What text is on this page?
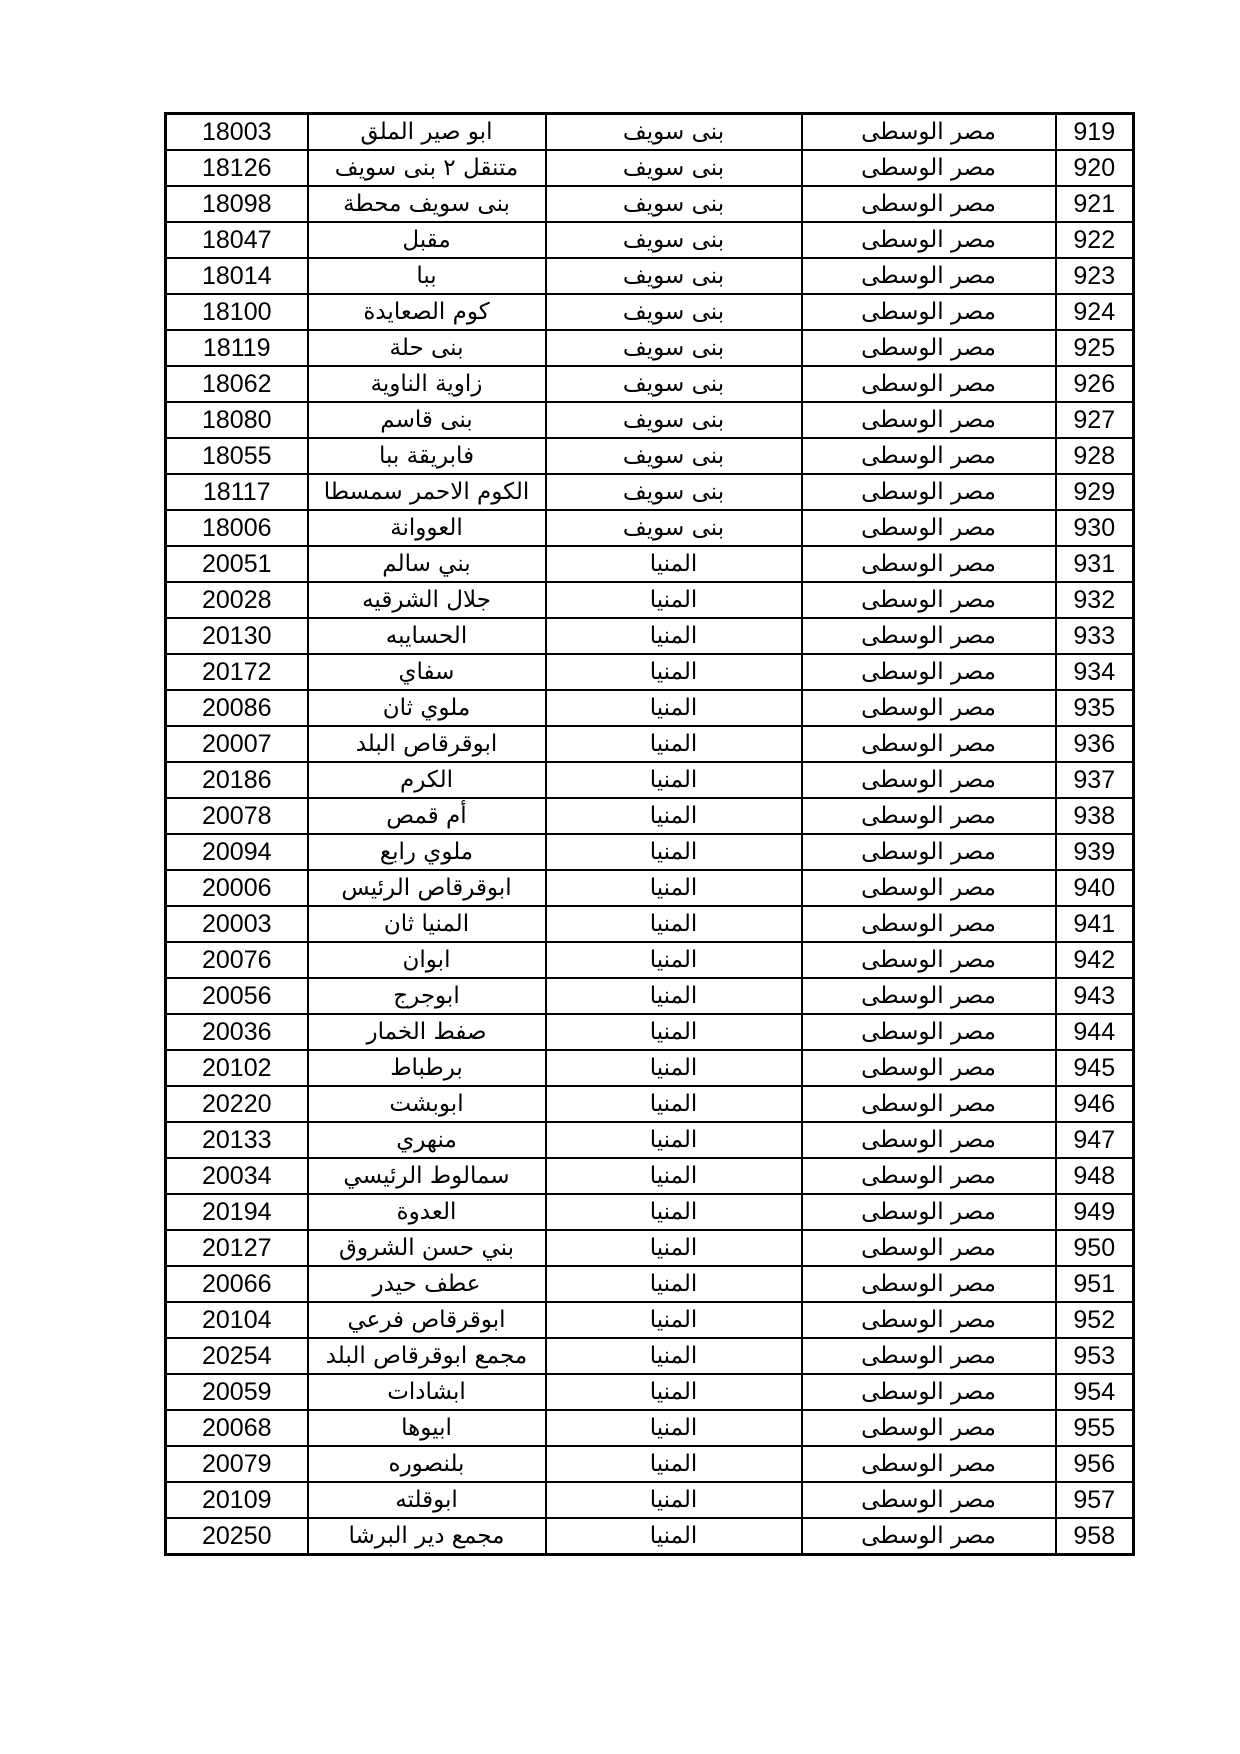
18003	ابو صير الملق	بنى سويف	مصر الوسطى	919
18126	متنقل ٢ بنى سويف	بنى سويف	مصر الوسطى	920
18098	بنى سويف محطة	بنى سويف	مصر الوسطى	921
18047	مقبل	بنى سويف	مصر الوسطى	922
18014	ببا	بنى سويف	مصر الوسطى	923
18100	كوم الصعايدة	بنى سويف	مصر الوسطى	924
18119	بنى حلة	بنى سويف	مصر الوسطى	925
18062	زاوية الناوية	بنى سويف	مصر الوسطى	926
18080	بنى قاسم	بنى سويف	مصر الوسطى	927
18055	فابريقة ببا	بنى سويف	مصر الوسطى	928
18117	الكوم الاحمر سمسطا	بنى سويف	مصر الوسطى	929
18006	العووانة	بنى سويف	مصر الوسطى	930
20051	بني سالم	المنيا	مصر الوسطى	931
20028	جلال الشرقيه	المنيا	مصر الوسطى	932
20130	الحسايبه	المنيا	مصر الوسطى	933
20172	سفاي	المنيا	مصر الوسطى	934
20086	ملوي ثان	المنيا	مصر الوسطى	935
20007	ابوقرقاص البلد	المنيا	مصر الوسطى	936
20186	الكرم	المنيا	مصر الوسطى	937
20078	أم قمص	المنيا	مصر الوسطى	938
20094	ملوي رابع	المنيا	مصر الوسطى	939
20006	ابوقرقاص الرئيس	المنيا	مصر الوسطى	940
20003	المنيا ثان	المنيا	مصر الوسطى	941
20076	ابوان	المنيا	مصر الوسطى	942
20056	ابوجرج	المنيا	مصر الوسطى	943
20036	صفط الخمار	المنيا	مصر الوسطى	944
20102	برطباط	المنيا	مصر الوسطى	945
20220	ابوبشت	المنيا	مصر الوسطى	946
20133	منهري	المنيا	مصر الوسطى	947
20034	سمالوط الرئيسي	المنيا	مصر الوسطى	948
20194	العدوة	المنيا	مصر الوسطى	949
20127	بني حسن الشروق	المنيا	مصر الوسطى	950
20066	عطف حيدر	المنيا	مصر الوسطى	951
20104	ابوقرقاص فرعي	المنيا	مصر الوسطى	952
20254	مجمع ابوقرقاص البلد	المنيا	مصر الوسطى	953
20059	ابشادات	المنيا	مصر الوسطى	954
20068	ابيوها	المنيا	مصر الوسطى	955
20079	بلنصوره	المنيا	مصر الوسطى	956
20109	ابوقلته	المنيا	مصر الوسطى	957
20250	مجمع دير البرشا	المنيا	مصر الوسطى	958
